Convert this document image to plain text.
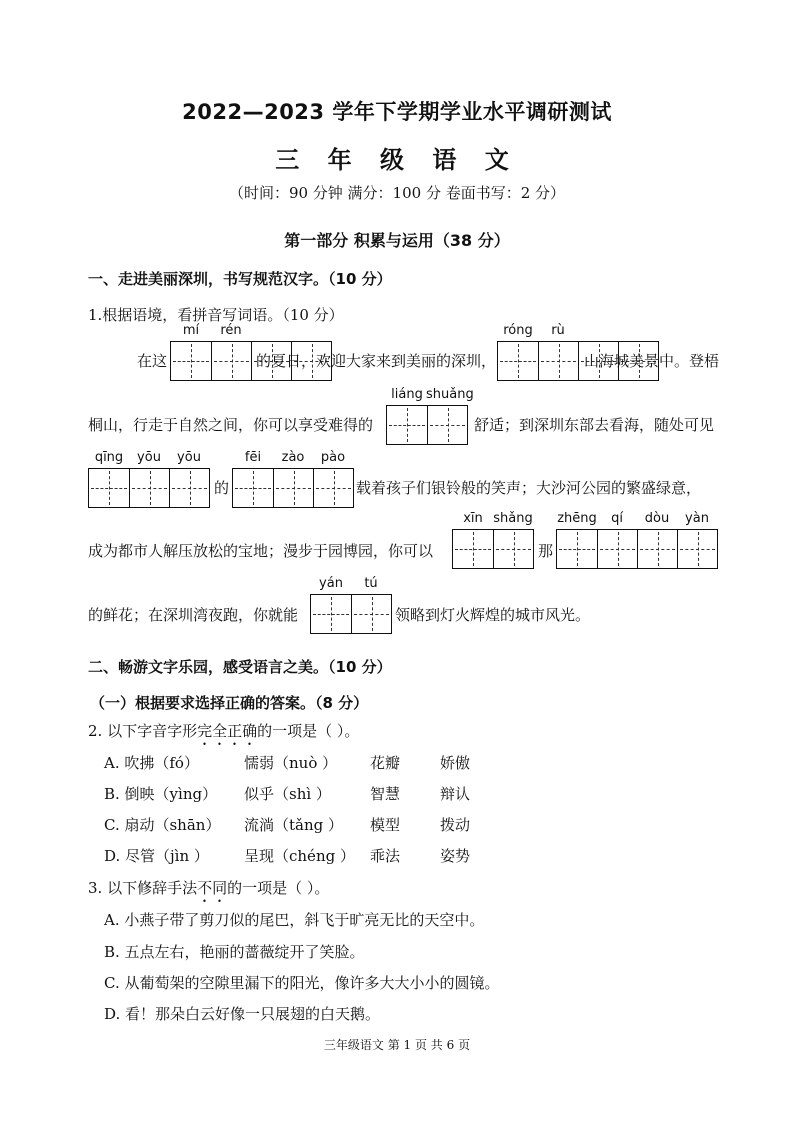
2022—2023 学年下学期学业水平调研测试
三 年 级 语 文
（时间：90 分钟 满分：100 分 卷面书写：2 分）
第一部分 积累与运用（38 分）
一、走进美丽深圳，书写规范汉字。（10 分）
1.根据语境，看拼音写词语。（10 分）
在这
mí	rén
的夏日，欢迎大家来到美丽的深圳，
róng	rù
山海城美景中。登梧
桐山，行走于自然之间，你可以享受难得的
liáng shuǎng
舒适；到深圳东部去看海，随处可见
qīng	yōu	yōu
的
fēi	zào	pào
载着孩子们银铃般的笑声；大沙河公园的繁盛绿意，
成为都市人解压放松的宝地；漫步于园博园，你可以
xīn shǎng
那
zhēng	qí	dòu	yàn
的鲜花；在深圳湾夜跑，你就能
yán	tú
领略到灯火辉煌的城市风光。
二、畅游文字乐园，感受语言之美。（10 分）
（一）根据要求选择正确的答案。（8 分）
2. 以下字音字形完全正确的一项是（ ）。
A. 吹拂（fó）	懦弱（nuò ） 花瓣	娇傲
B. 倒映（yìng） 似乎（shì ）	智慧	辩认
C. 扇动（shān） 流淌（tǎng ） 模型	拨动
D. 尽管（jìn ） 呈现（chéng ） 乖法	姿势
3. 以下修辞手法不同的一项是（ ）。
A. 小燕子带了剪刀似的尾巴，斜飞于旷亮无比的天空中。
B. 五点左右，艳丽的蔷薇绽开了笑脸。
C. 从葡萄架的空隙里漏下的阳光，像许多大大小小的圆镜。
D. 看！那朵白云好像一只展翅的白天鹅。
三年级语文 第 1 页 共 6 页
